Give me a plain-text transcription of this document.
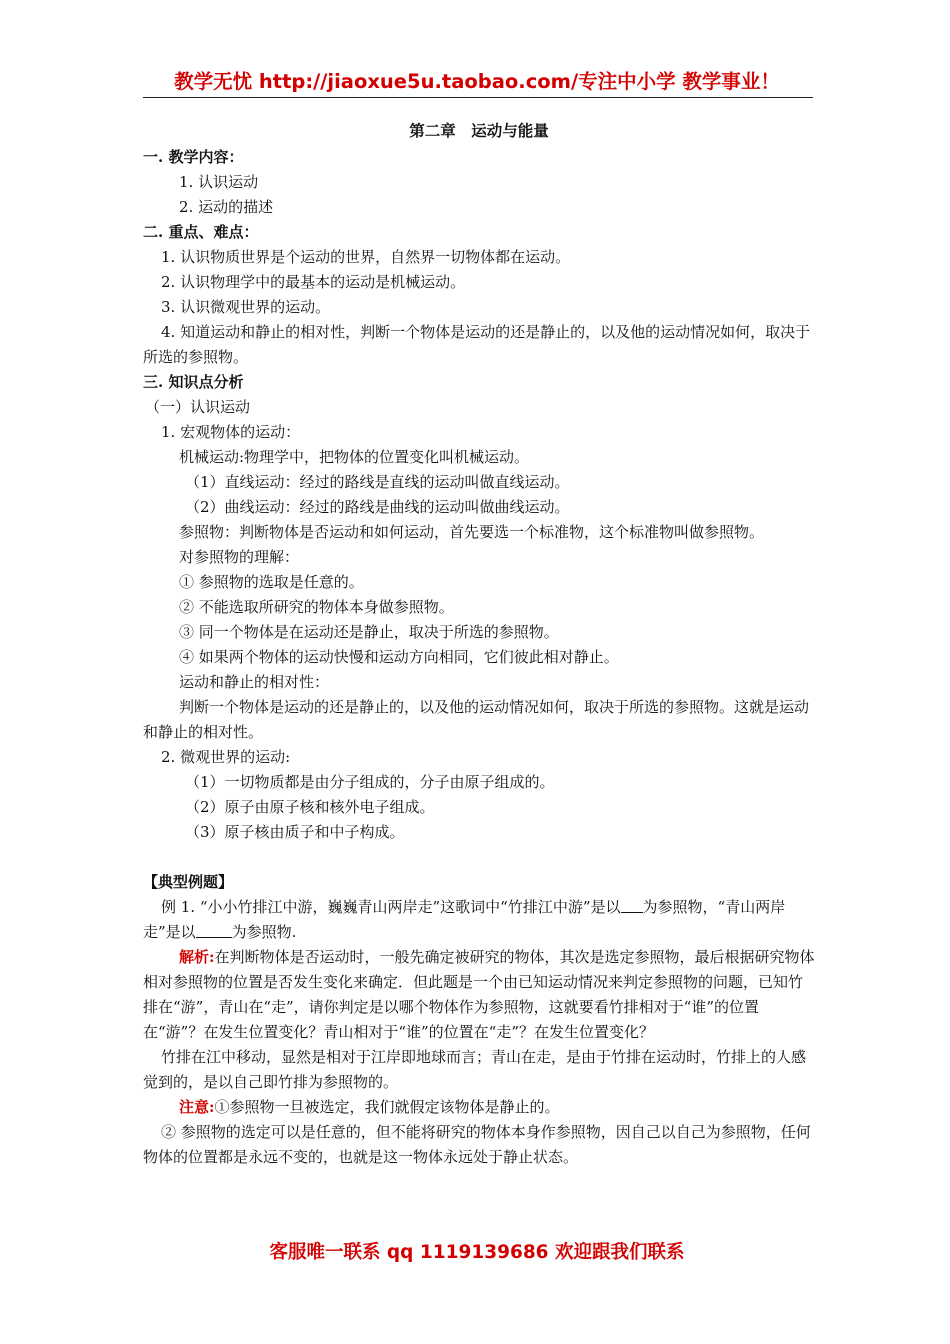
教学无忧 http://jiaoxue5u.taobao.com/专注中小学 教学事业！
第二章　运动与能量
一. 教学内容：
1. 认识运动
2. 运动的描述
二. 重点、难点：
1. 认识物质世界是个运动的世界，自然界一切物体都在运动。
2. 认识物理学中的最基本的运动是机械运动。
3. 认识微观世界的运动。
4. 知道运动和静止的相对性，判断一个物体是运动的还是静止的，以及他的运动情况如何，取决于所选的参照物。
三. 知识点分析
（一）认识运动
1. 宏观物体的运动：
机械运动:物理学中，把物体的位置变化叫机械运动。
（1）直线运动：经过的路线是直线的运动叫做直线运动。
（2）曲线运动：经过的路线是曲线的运动叫做曲线运动。
参照物：判断物体是否运动和如何运动，首先要选一个标准物，这个标准物叫做参照物。
对参照物的理解：
① 参照物的选取是任意的。
② 不能选取所研究的物体本身做参照物。
③ 同一个物体是在运动还是静止，取决于所选的参照物。
④ 如果两个物体的运动快慢和运动方向相同，它们彼此相对静止。
运动和静止的相对性：
判断一个物体是运动的还是静止的，以及他的运动情况如何，取决于所选的参照物。这就是运动和静止的相对性。
2. 微观世界的运动:
（1）一切物质都是由分子组成的，分子由原子组成的。
（2）原子由原子核和核外电子组成。
（3）原子核由质子和中子构成。
【典型例题】
例 1. “小小竹排江中游，巍巍青山两岸走”这歌词中“竹排江中游”是以 为参照物，“青山两岸走”是以 为参照物.
解析:在判断物体是否运动时，一般先确定被研究的物体，其次是选定参照物，最后根据研究物体相对参照物的位置是否发生变化来确定．但此题是一个由已知运动情况来判定参照物的问题，已知竹排在“游”，青山在“走”，请你判定是以哪个物体作为参照物，这就要看竹排相对于“谁”的位置在“游”？在发生位置变化？青山相对于“谁”的位置在“走”？在发生位置变化？
竹排在江中移动，显然是相对于江岸即地球而言；青山在走，是由于竹排在运动时，竹排上的人感觉到的，是以自己即竹排为参照物的。
注意:①参照物一旦被选定，我们就假定该物体是静止的。
② 参照物的选定可以是任意的，但不能将研究的物体本身作参照物，因自己以自己为参照物，任何物体的位置都是永远不变的，也就是这一物体永远处于静止状态。
客服唯一联系 qq 1119139686 欢迎跟我们联系
